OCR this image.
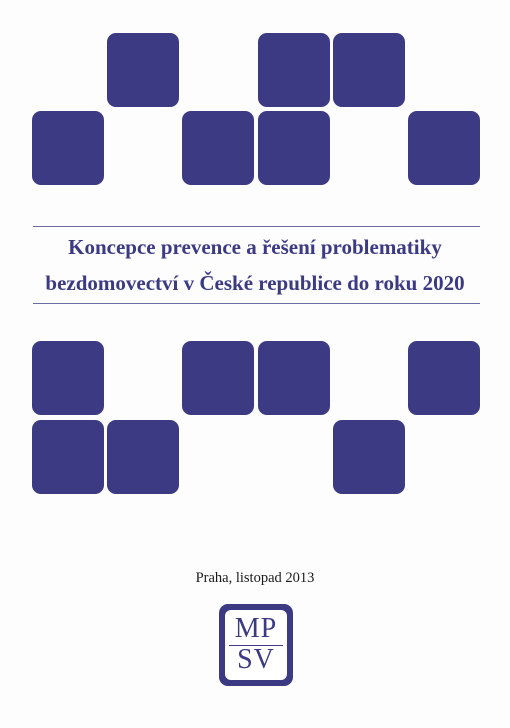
Koncepce prevence a řešení problematiky
bezdomovectví v České republice do roku 2020
Praha, listopad 2013
MP
SV
